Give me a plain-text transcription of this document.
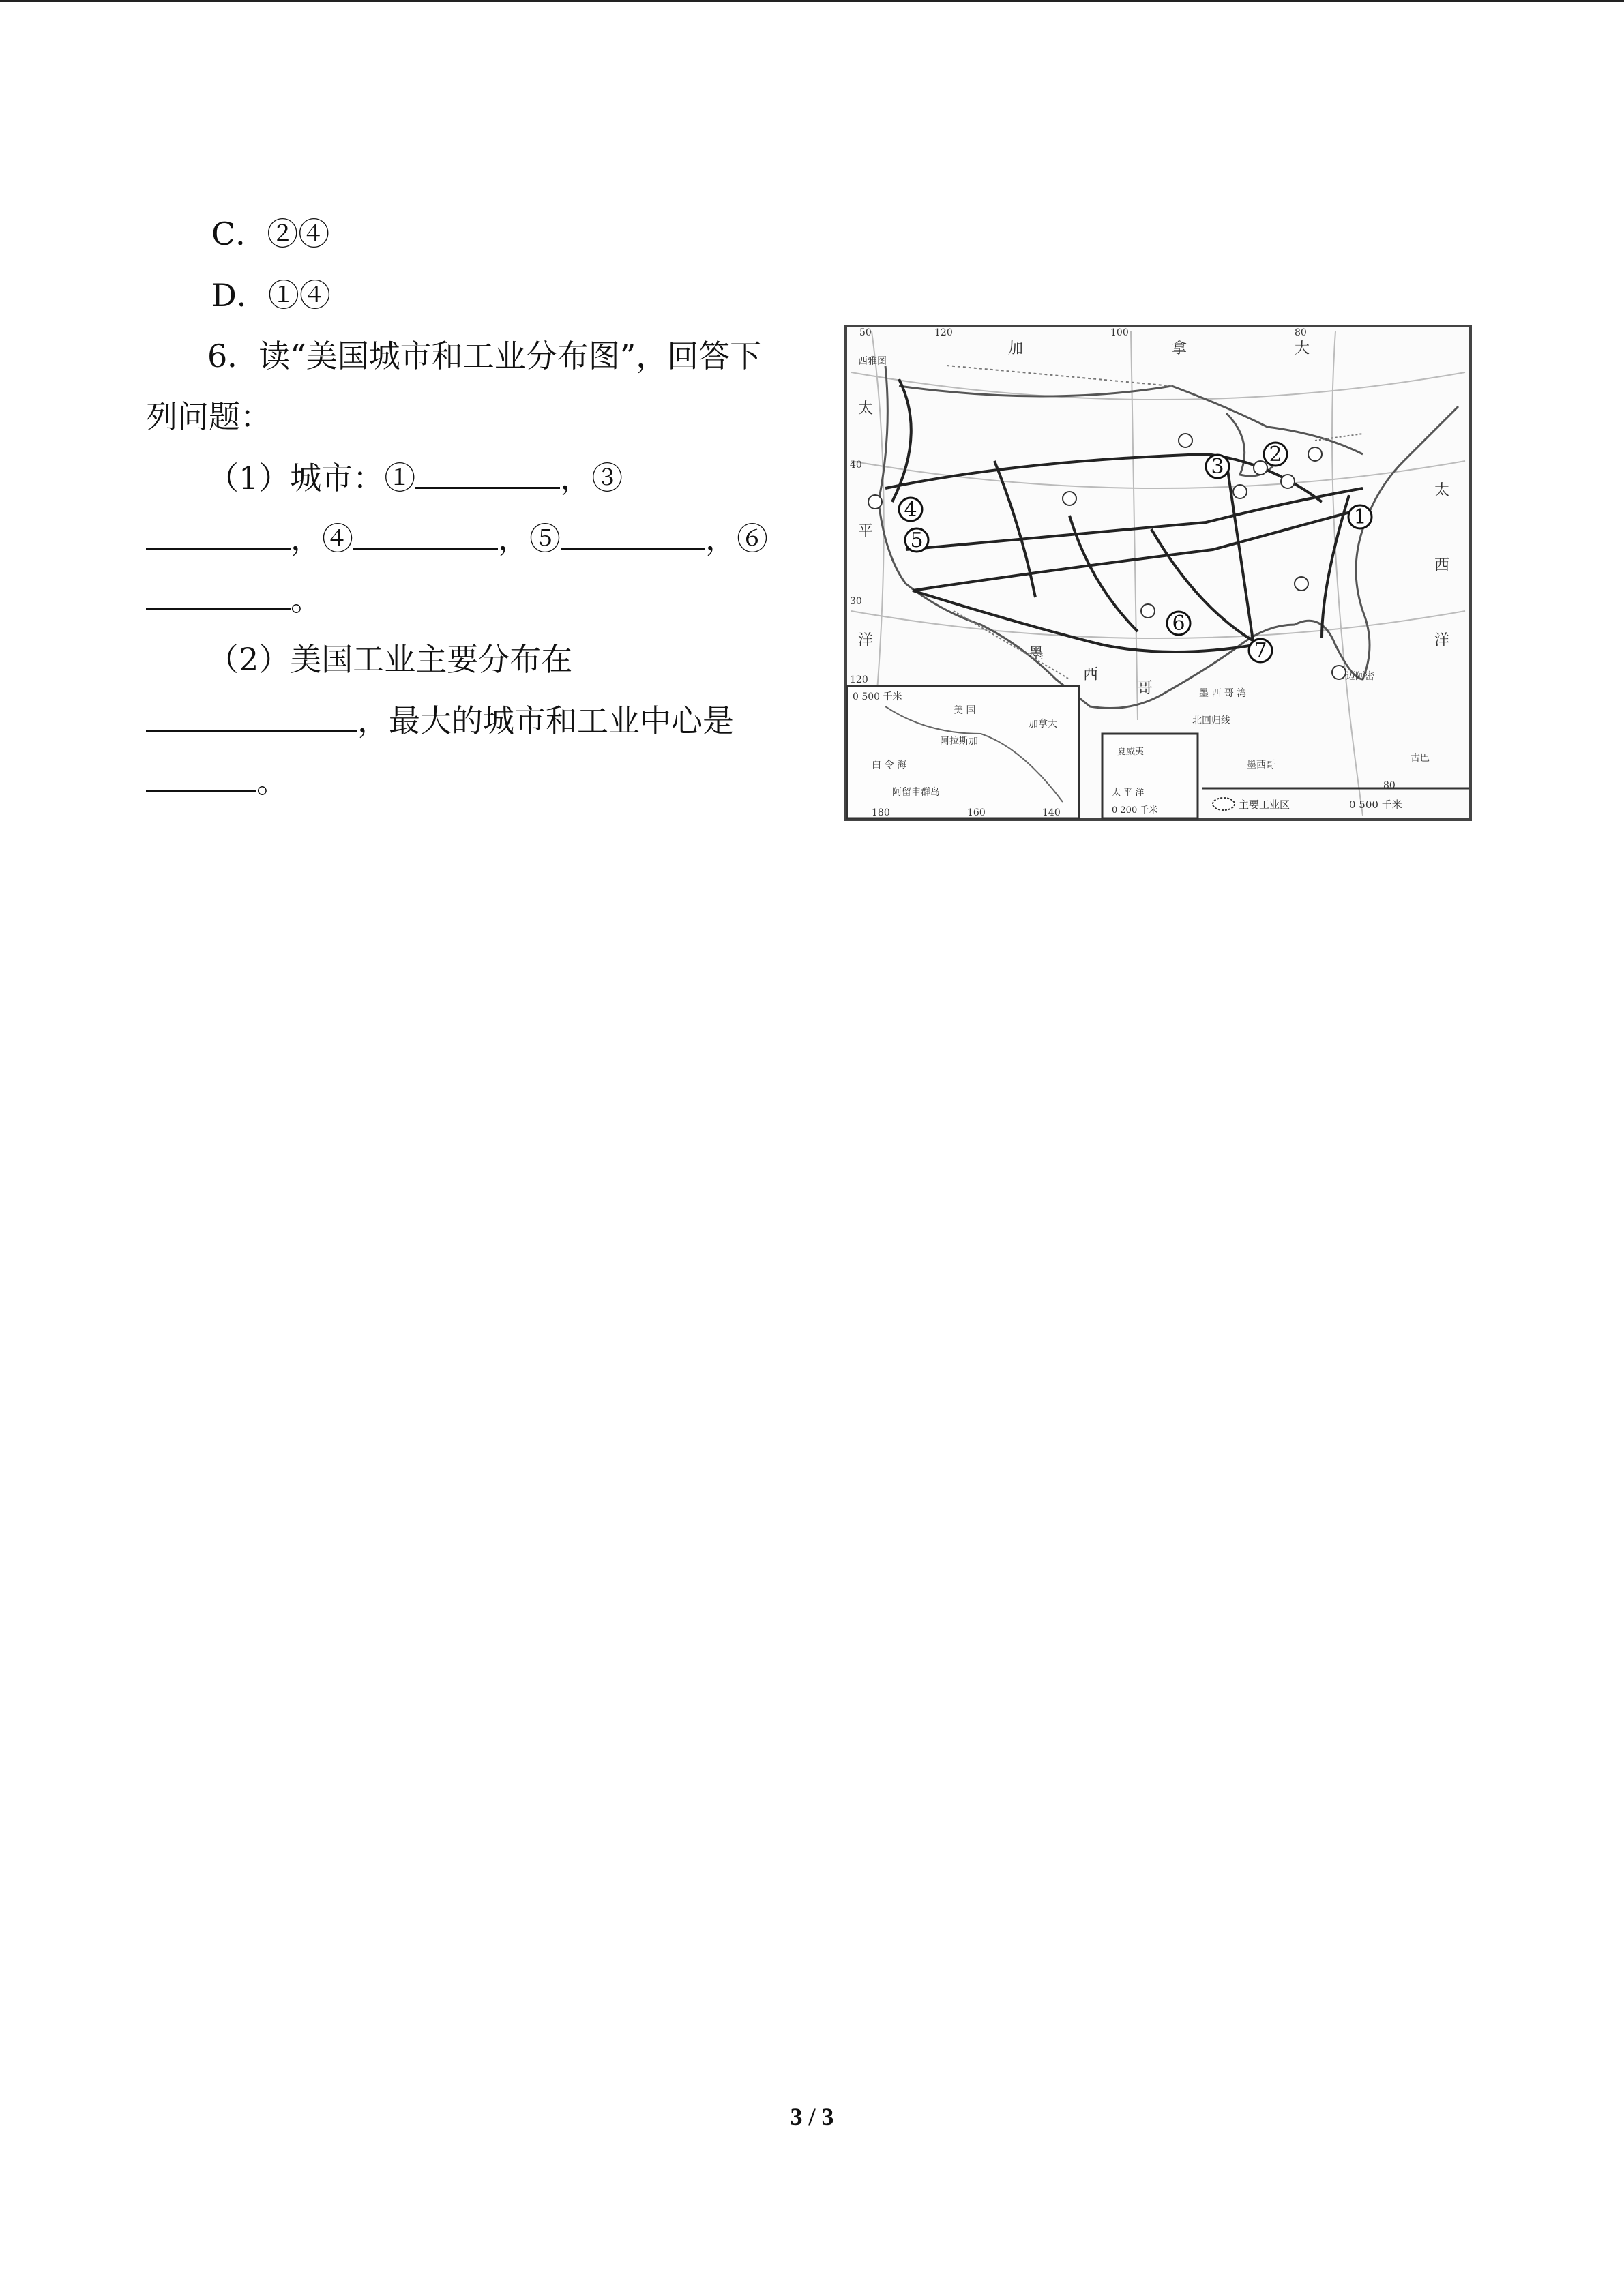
C．②④
D．①④
6．读“美国城市和工业分布图”，回答下
列问题：
（1）城市：①	，③
，④	，⑤	，⑥
。
（2）美国工业主要分布在
，最大的城市和工业中心是
。
1
2
3
4
5
6
7
50	120	100	80
40
30
120
80
加	拿	大
太
平
洋
太
西
洋
墨
西
哥
西雅图
墨 西 哥 湾
迈阿密
北回归线
古巴
墨西哥
0 500 千米
美 国
阿拉斯加
加拿大
白 令 海
阿留申群岛
160	140
180
夏威夷
太 平 洋
0 200 千米	主要工业区	0 500 千米
3 / 3
